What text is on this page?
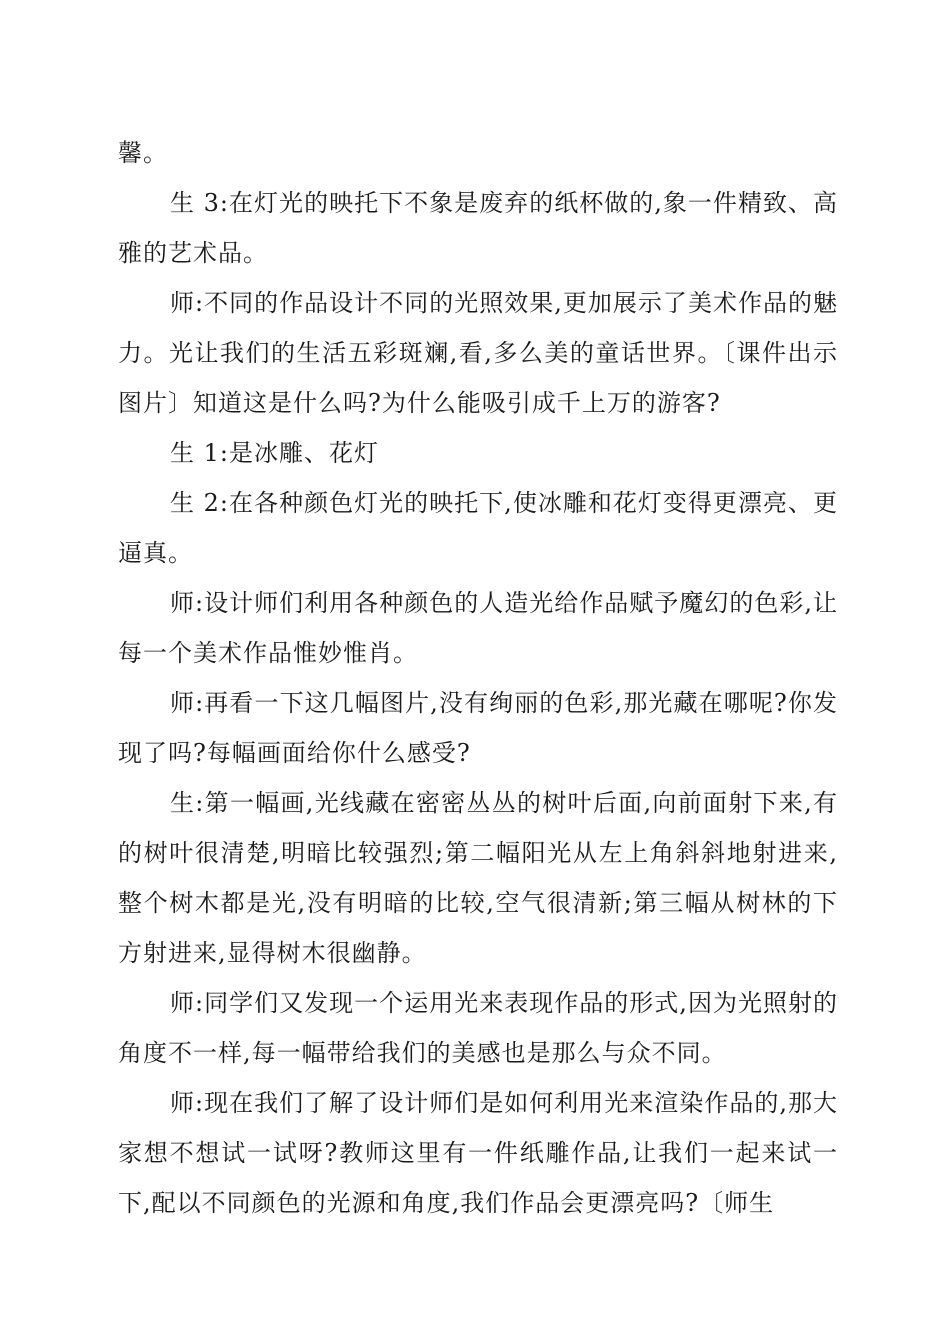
馨。

生 3:在灯光的映托下不象是废弃的纸杯做的,象一件精致、高雅的艺术品。

师:不同的作品设计不同的光照效果,更加展示了美术作品的魅力。光让我们的生活五彩斑斓,看,多么美的童话世界。〔课件出示图片〕知道这是什么吗?为什么能吸引成千上万的游客?

生 1:是冰雕、花灯

生 2:在各种颜色灯光的映托下,使冰雕和花灯变得更漂亮、更逼真。

师:设计师们利用各种颜色的人造光给作品赋予魔幻的色彩,让每一个美术作品惟妙惟肖。

师:再看一下这几幅图片,没有绚丽的色彩,那光藏在哪呢?你发现了吗?每幅画面给你什么感受?

生:第一幅画,光线藏在密密丛丛的树叶后面,向前面射下来,有的树叶很清楚,明暗比较强烈;第二幅阳光从左上角斜斜地射进来,整个树木都是光,没有明暗的比较,空气很清新;第三幅从树林的下方射进来,显得树木很幽静。

师:同学们又发现一个运用光来表现作品的形式,因为光照射的角度不一样,每一幅带给我们的美感也是那么与众不同。

师:现在我们了解了设计师们是如何利用光来渲染作品的,那大家想不想试一试呀?教师这里有一件纸雕作品,让我们一起来试一下,配以不同颜色的光源和角度,我们作品会更漂亮吗?〔师生
